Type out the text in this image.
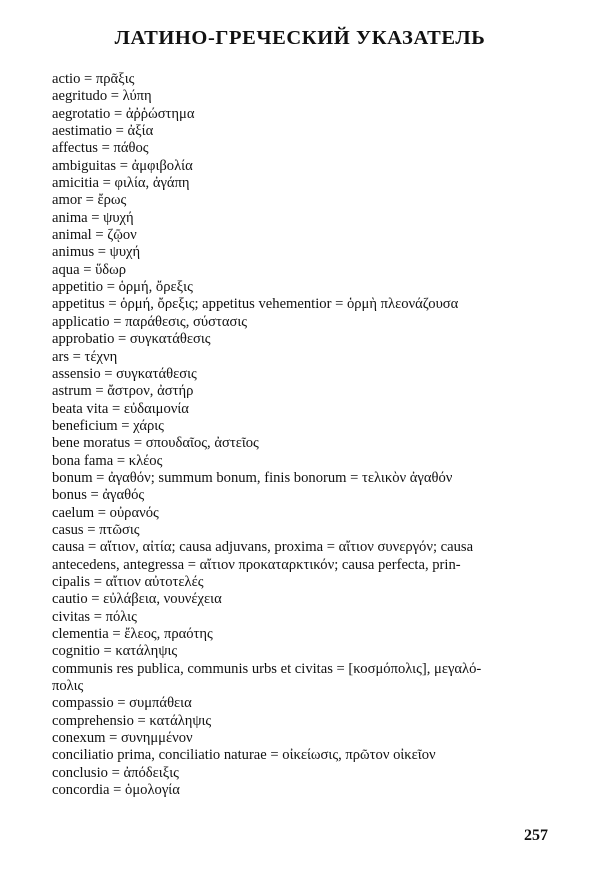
ЛАТИНО-ГРЕЧЕСКИЙ УКАЗАТЕЛЬ
actio = πρᾶξις
aegritudo = λύπη
aegrotatio = ἀῤῥώστημα
aestimatio = ἀξία
affectus = πάθος
ambiguitas = ἀμφιβολία
amicitia = φιλία, ἀγάπη
amor = ἔρως
anima = ψυχή
animal = ζῷον
animus = ψυχή
aqua = ὕδωρ
appetitio = ὁρμή, ὄρεξις
appetitus = ὁρμή, ὄρεξις; appetitus vehementior = ὁρμὴ πλεονάζουσα
applicatio = παράθεσις, σύστασις
approbatio = συγκατάθεσις
ars = τέχνη
assensio = συγκατάθεσις
astrum = ἄστρον, ἀστήρ
beata vita = εὐδαιμονία
beneficium = χάρις
bene moratus = σπουδαῖος, ἀστεῖος
bona fama = κλέος
bonum = ἀγαθόν; summum bonum, finis bonorum = τελικὸν ἀγαθόν
bonus = ἀγαθός
caelum = οὐρανός
casus = πτῶσις
causa = αἴτιον, αἰτία; causa adjuvans, proxima = αἴτιον συνεργόν; causa
antecedens, antegressa = αἴτιον προκαταρκτικόν; causa perfecta, prin-
cipalis = αἴτιον αὐτοτελές
cautio = εὐλάβεια, νουνέχεια
civitas = πόλις
clementia = ἔλεος, πραότης
cognitio = κατάληψις
communis res publica, communis urbs et civitas = [κοσμόπολις], μεγαλό-
πολις
compassio = συμπάθεια
comprehensio = κατάληψις
conexum = συνημμένον
conciliatio prima, conciliatio naturae = οἰκείωσις, πρῶτον οἰκεῖον
conclusio = ἀπόδειξις
concordia = ὁμολογία
257
